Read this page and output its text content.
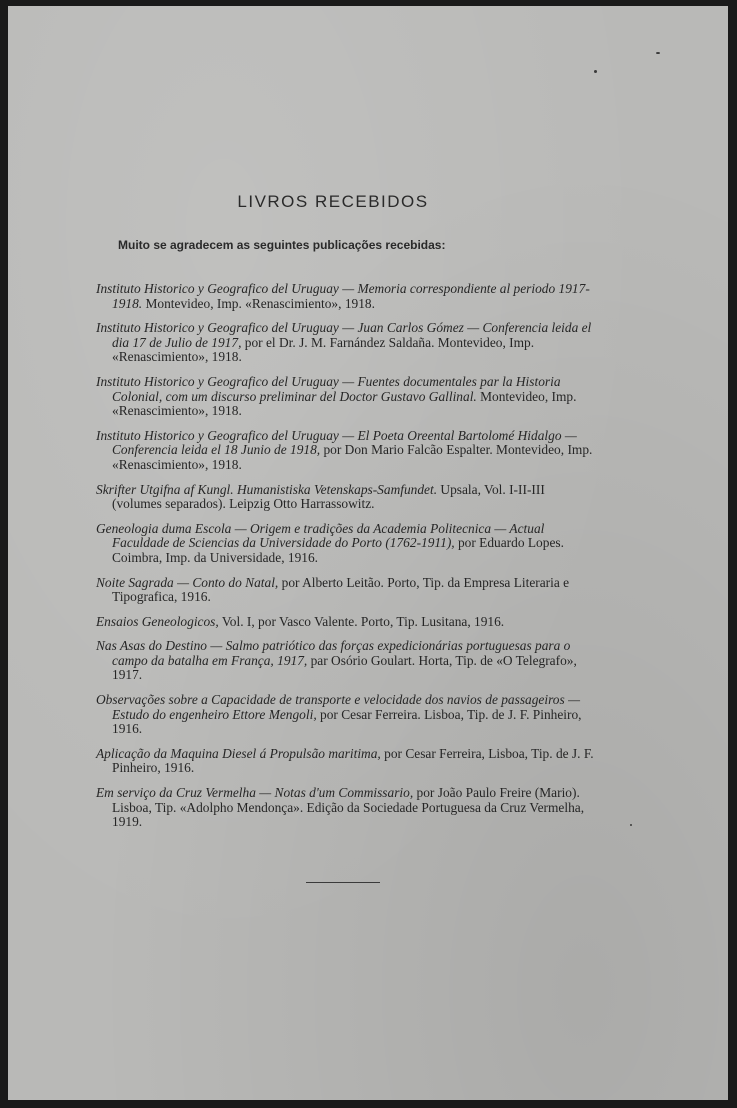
LIVROS RECEBIDOS
Muito se agradecem as seguintes publicações recebidas:
Instituto Historico y Geografico del Uruguay — Memoria correspondiente al periodo 1917-1918. Montevideo, Imp. «Renascimiento», 1918.
Instituto Historico y Geografico del Uruguay — Juan Carlos Gómez — Conferencia leida el dia 17 de Julio de 1917, por el Dr. J. M. Farnández Saldaña. Montevideo, Imp. «Renascimiento», 1918.
Instituto Historico y Geografico del Uruguay — Fuentes documentales par la Historia Colonial, com um discurso preliminar del Doctor Gustavo Gallinal. Montevideo, Imp. «Renascimiento», 1918.
Instituto Historico y Geografico del Uruguay — El Poeta Oreental Bartolomé Hidalgo — Conferencia leida el 18 Junio de 1918, por Don Mario Falcão Espalter. Montevideo, Imp. «Renascimiento», 1918.
Skrifter Utgifna af Kungl. Humanistiska Vetenskaps-Samfundet. Upsala, Vol. I-II-III (volumes separados). Leipzig Otto Harrassowitz.
Geneologia duma Escola — Origem e tradições da Academia Politecnica — Actual Faculdade de Sciencias da Universidade do Porto (1762-1911), por Eduardo Lopes. Coimbra, Imp. da Universidade, 1916.
Noite Sagrada — Conto do Natal, por Alberto Leitão. Porto, Tip. da Empresa Literaria e Tipografica, 1916.
Ensaios Geneologicos, Vol. I, por Vasco Valente. Porto, Tip. Lusitana, 1916.
Nas Asas do Destino — Salmo patriótico das forças expedicionárias portuguesas para o campo da batalha em França, 1917, par Osório Goulart. Horta, Tip. de «O Telegrafo», 1917.
Observações sobre a Capacidade de transporte e velocidade dos navios de passageiros — Estudo do engenheiro Ettore Mengoli, por Cesar Ferreira. Lisboa, Tip. de J. F. Pinheiro, 1916.
Aplicação da Maquina Diesel á Propulsão maritima, por Cesar Ferreira, Lisboa, Tip. de J. F. Pinheiro, 1916.
Em serviço da Cruz Vermelha — Notas d'um Commissario, por João Paulo Freire (Mario). Lisboa, Tip. «Adolpho Mendonça». Edição da Sociedade Portuguesa da Cruz Vermelha, 1919.
